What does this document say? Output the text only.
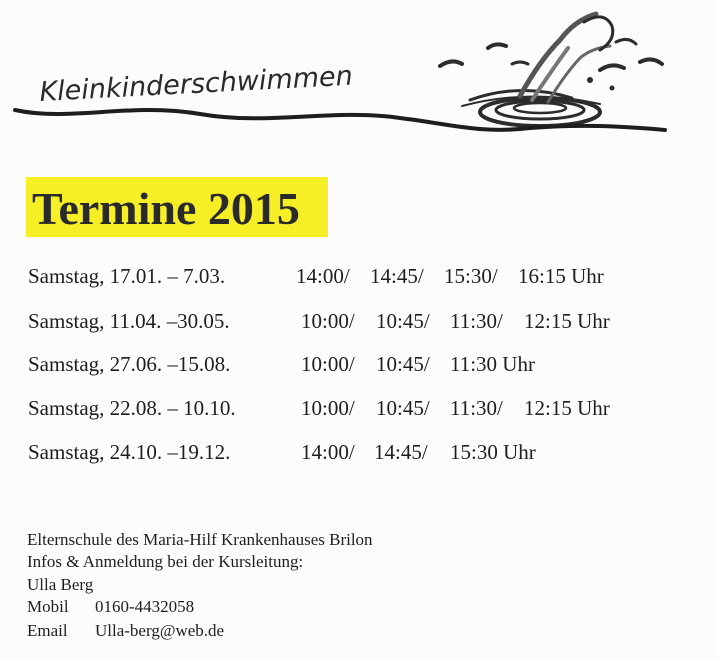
Kleinkinderschwimmen
Termine 2015
Samstag, 17.01. – 7.03.	14:00/ 14:45/ 15:30/ 16:15 Uhr
Samstag, 11.04. –30.05.	10:00/ 10:45/ 11:30/ 12:15 Uhr
Samstag, 27.06. –15.08.	10:00/ 10:45/ 11:30 Uhr
Samstag, 22.08. – 10.10.	10:00/ 10:45/ 11:30/ 12:15 Uhr
Samstag, 24.10. –19.12.	14:00/ 14:45/ 15:30 Uhr
Elternschule des Maria-Hilf Krankenhauses Brilon
Infos & Anmeldung bei der Kursleitung:
Ulla Berg
Mobil 0160-4432058
Email Ulla-berg@web.de
